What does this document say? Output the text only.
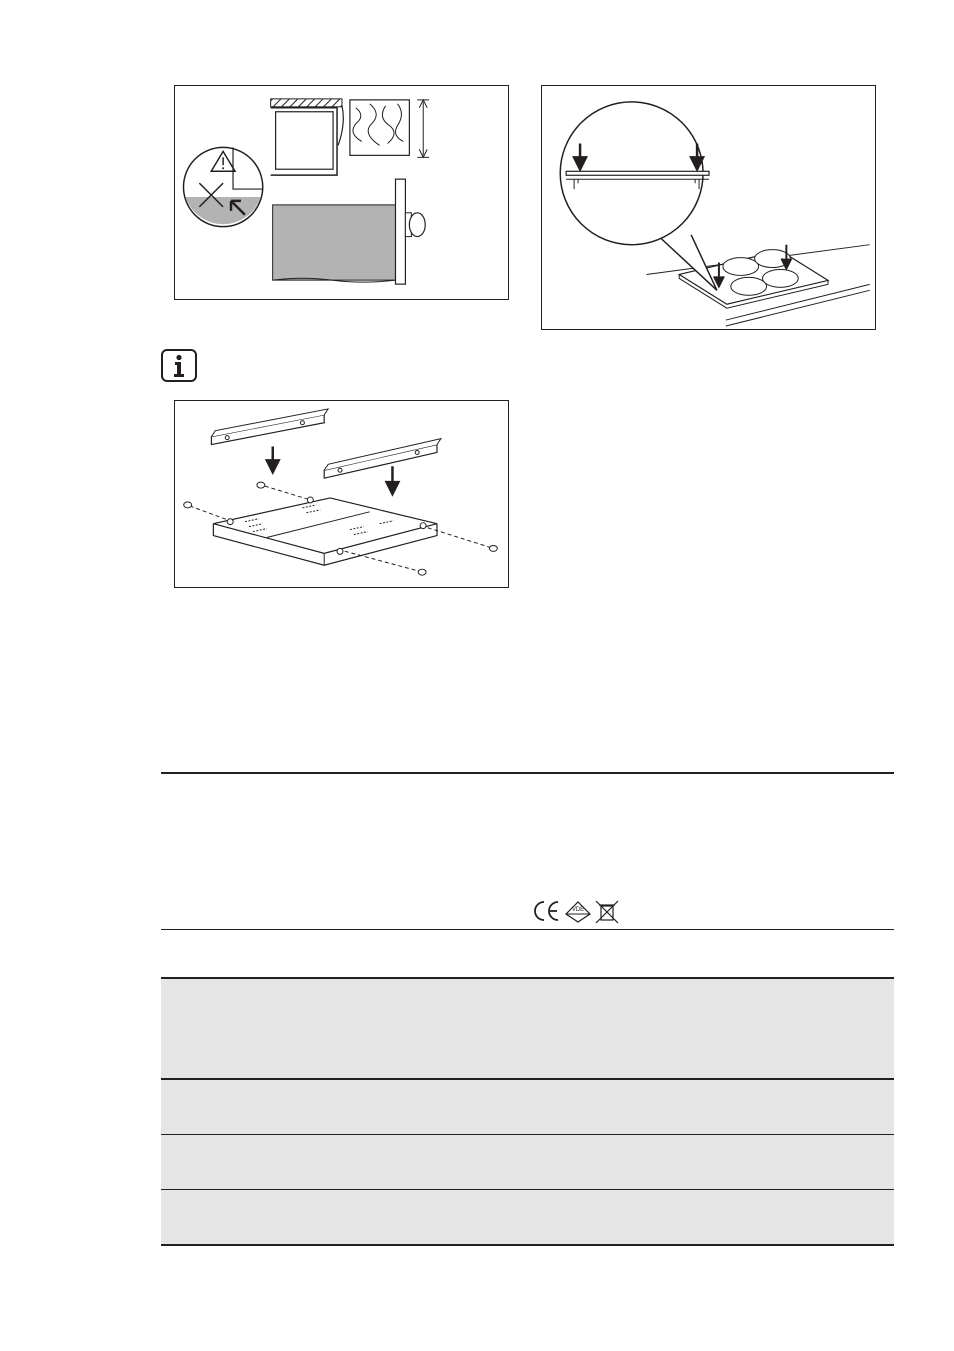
VDE
